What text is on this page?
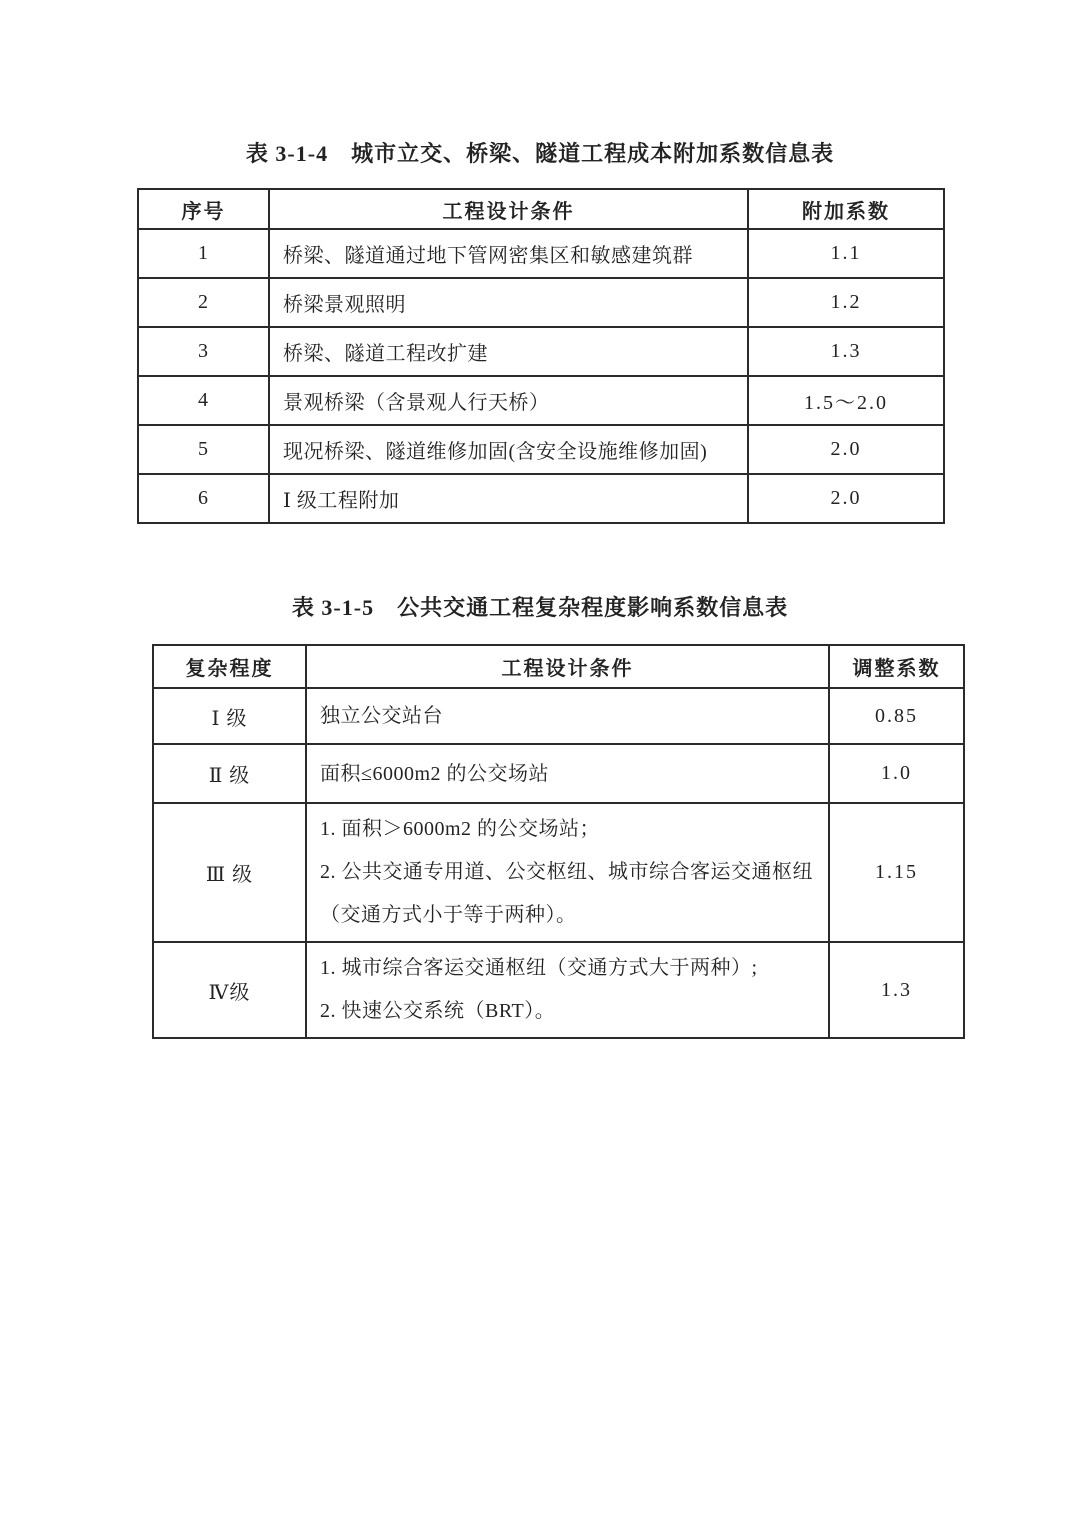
表 3-1-4　城市立交、桥梁、隧道工程成本附加系数信息表
序号	工程设计条件	附加系数
1	桥梁、隧道通过地下管网密集区和敏感建筑群	1.1
2	桥梁景观照明	1.2
3	桥梁、隧道工程改扩建	1.3
4	景观桥梁（含景观人行天桥）	1.5～2.0
5	现况桥梁、隧道维修加固(含安全设施维修加固)	2.0
6	Ⅰ 级工程附加	2.0
表 3-1-5　公共交通工程复杂程度影响系数信息表
复杂程度	工程设计条件	调整系数
Ⅰ 级	独立公交站台	0.85
Ⅱ 级	面积≤6000m2 的公交场站	1.0
Ⅲ 级	1. 面积＞6000m2 的公交场站；
2. 公共交通专用道、公交枢纽、城市综合客运交通枢纽（交通方式小于等于两种）。	1.15
Ⅳ级	1. 城市综合客运交通枢纽（交通方式大于两种）;
2. 快速公交系统（BRT）。	1.3
